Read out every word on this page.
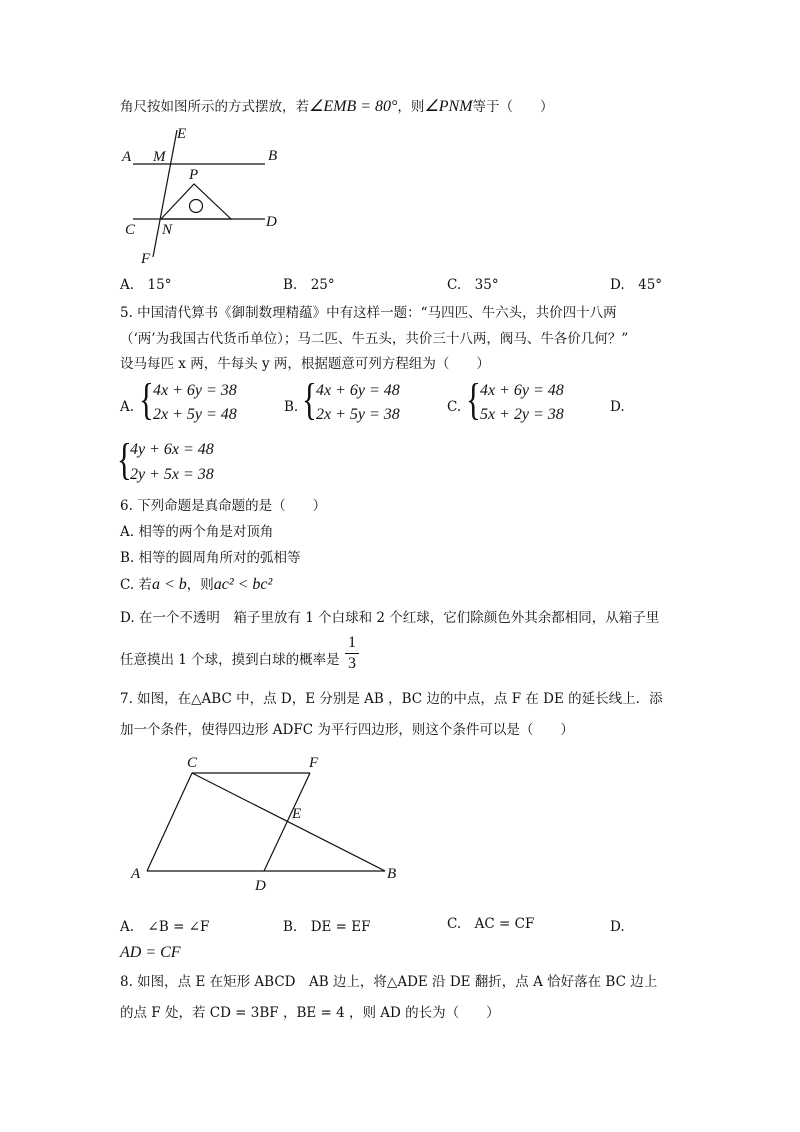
角尺按如图所示的方式摆放，若∠EMB = 80°，则∠PNM等于（　　）
E
M
A	B
P
C N	D
F
A.　15°	B.　25°	C.　35°	D.　45°
5. 中国清代算书《御制数理精蕴》中有这样一题：“马四匹、牛六头，共价四十八两
（‘两’为我国古代货币单位）；马二匹、牛五头，共价三十八两，阀马、牛各价几何？”
设马每匹 x 两，牛每头 y 两，根据题意可列方程组为（　　）
A. { 4x + 6y = 38
2x + 5y = 48	B. { 4x + 6y = 48
2x + 5y = 38	C. { 4x + 6y = 48
5x + 2y = 38	D.
{
4y + 6x = 48
2y + 5x = 38
6. 下列命题是真命题的是（　　）
A. 相等的两个角是对顶角
B. 相等的圆周角所对的弧相等
C. 若a < b，则ac² < bc²
D. 在一个不透明　箱子里放有 1 个白球和 2 个红球，它们除颜色外其余都相同，从箱子里
任意摸出 1 个球，摸到白球的概率是
1
3
7. 如图，在△ABC 中，点 D，E 分别是 AB ，BC 边的中点，点 F 在 DE 的延长线上．添
加一个条件，使得四边形 ADFC 为平行四边形，则这个条件可以是（　　）
C	F
E
A
D
B
A.　∠B = ∠F	B.　DE = EF	C.　AC = CF	D.
AD = CF
8. 如图，点 E 在矩形 ABCD　AB 边上，将△ADE 沿 DE 翻折，点 A 恰好落在 BC 边上
的点 F 处，若 CD = 3BF ，BE = 4 ，则 AD 的长为（　　）
